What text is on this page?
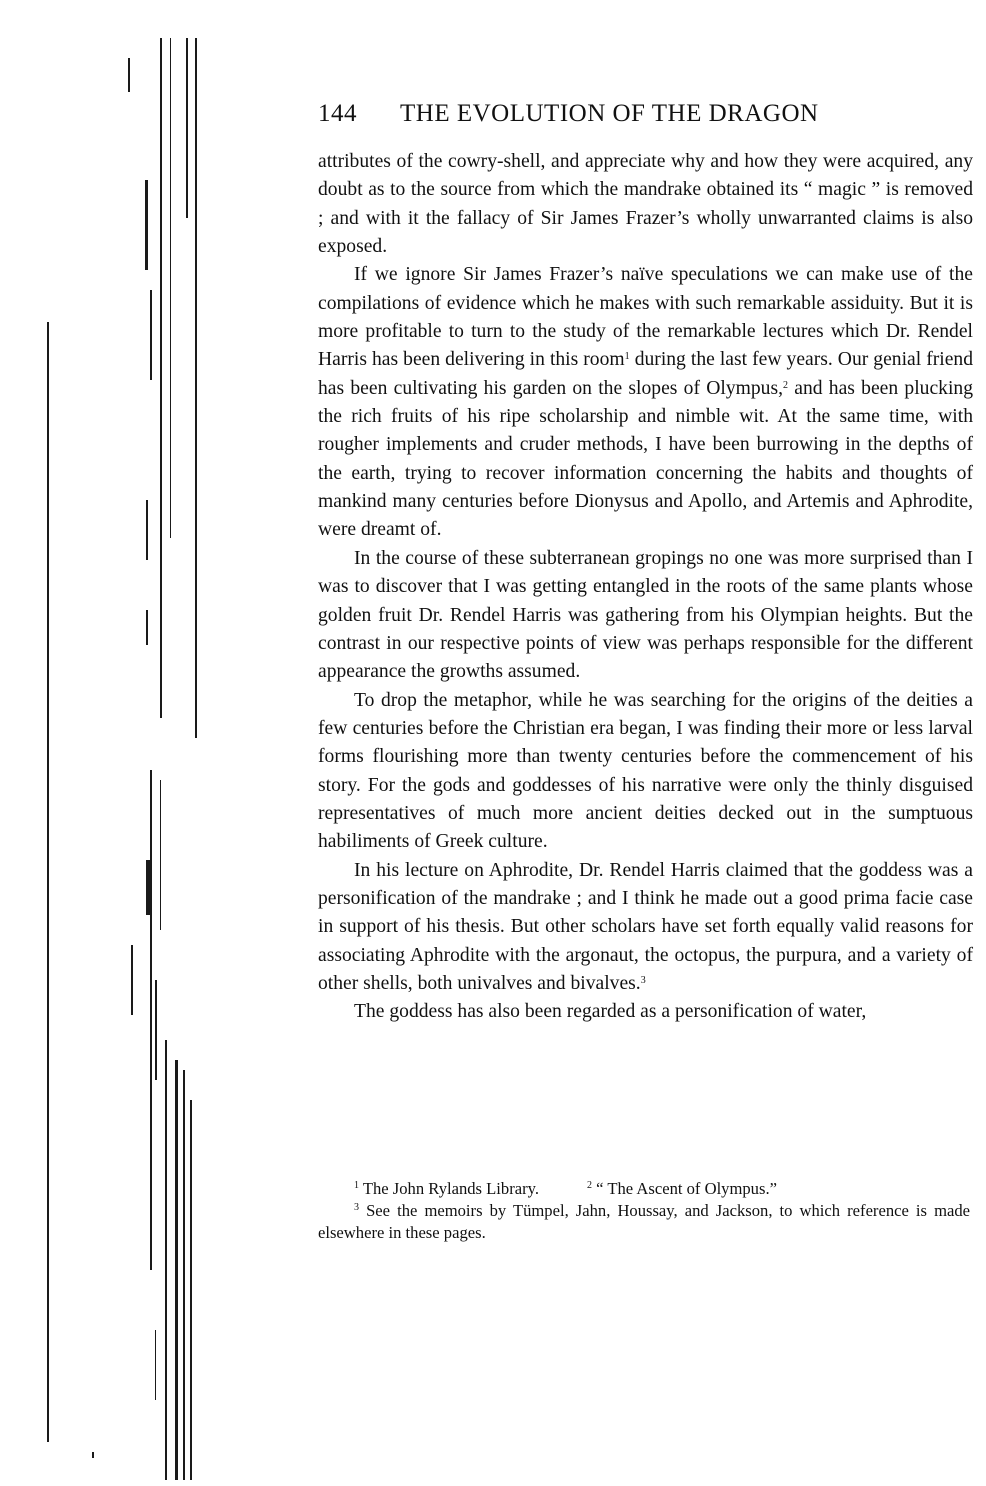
144 THE EVOLUTION OF THE DRAGON

attributes of the cowry-shell, and appreciate why and how they were acquired, any doubt as to the source from which the mandrake obtained its “ magic ” is removed ; and with it the fallacy of Sir James Frazer’s wholly unwarranted claims is also exposed.

If we ignore Sir James Frazer’s naïve speculations we can make use of the compilations of evidence which he makes with such remarkable assiduity. But it is more profitable to turn to the study of the remarkable lectures which Dr. Rendel Harris has been delivering in this room$^1$ during the last few years. Our genial friend has been cultivating his garden on the slopes of Olympus,$^2$ and has been plucking the rich fruits of his ripe scholarship and nimble wit. At the same time, with rougher implements and cruder methods, I have been burrowing in the depths of the earth, trying to recover information concerning the habits and thoughts of mankind many centuries before Dionysus and Apollo, and Artemis and Aphrodite, were dreamt of.

In the course of these subterranean gropings no one was more surprised than I was to discover that I was getting entangled in the roots of the same plants whose golden fruit Dr. Rendel Harris was gathering from his Olympian heights. But the contrast in our respective points of view was perhaps responsible for the different appearance the growths assumed.

To drop the metaphor, while he was searching for the origins of the deities a few centuries before the Christian era began, I was finding their more or less larval forms flourishing more than twenty centuries before the commencement of his story. For the gods and goddesses of his narrative were only the thinly disguised representatives of much more ancient deities decked out in the sumptuous habiliments of Greek culture.

In his lecture on Aphrodite, Dr. Rendel Harris claimed that the goddess was a personification of the mandrake ; and I think he made out a good prima facie case in support of his thesis. But other scholars have set forth equally valid reasons for associating Aphrodite with the argonaut, the octopus, the purpura, and a variety of other shells, both univalves and bivalves.$^3$

The goddess has also been regarded as a personification of water,

$^1$ The John Rylands Library.	$^2$ “ The Ascent of Olympus.”

$^3$ See the memoirs by Tümpel, Jahn, Houssay, and Jackson, to which reference is made elsewhere in these pages.
